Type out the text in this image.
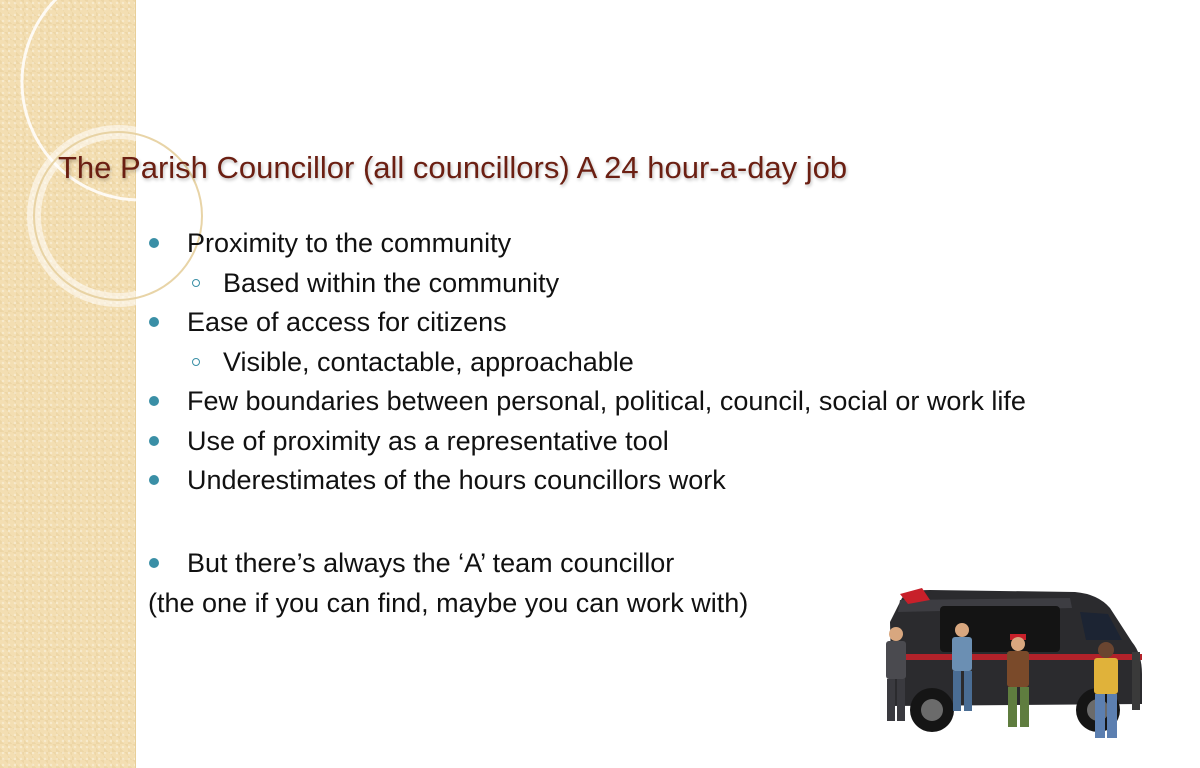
The Parish Councillor (all councillors) A 24 hour-a-day job
Proximity to the community
Based within the community
Ease of access for citizens
Visible, contactable, approachable
Few boundaries between personal, political, council, social or work life
Use of proximity as a representative tool
Underestimates of the hours councillors work
But there’s always the ‘A’ team councillor
(the one if you can find, maybe you can work with)
